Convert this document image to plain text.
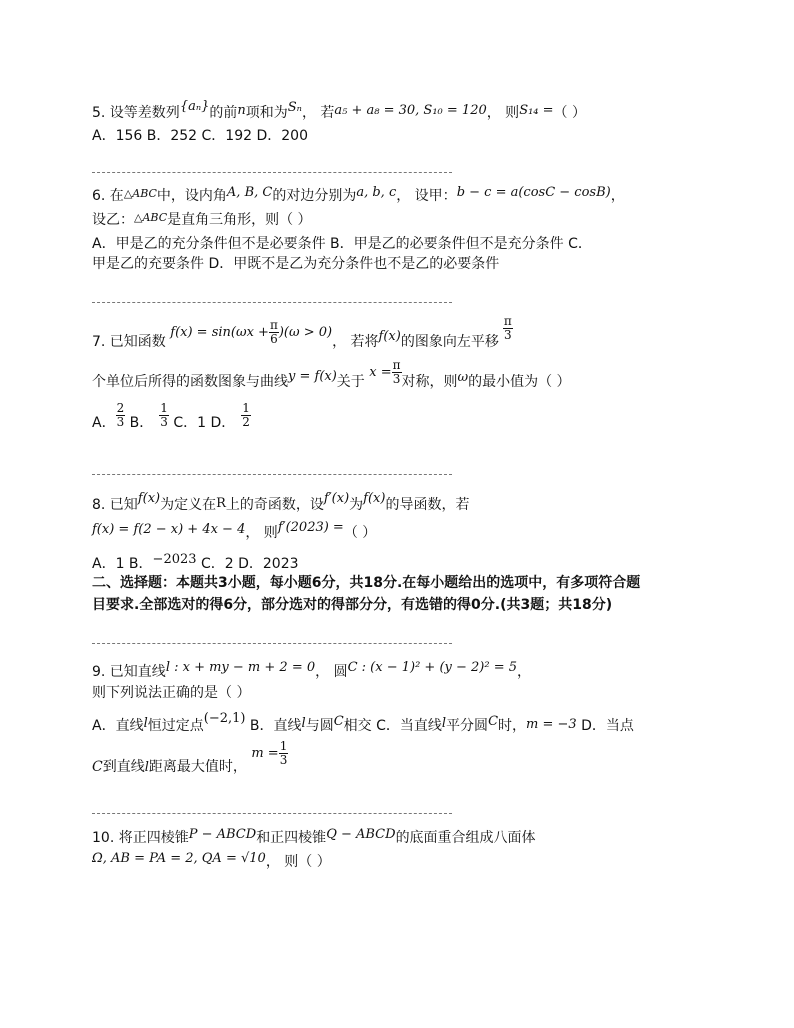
5. 设等差数列{aₙ}的前n项和为Sₙ， 若a₅ + a₈ = 30, S₁₀ = 120， 则S₁₄ =（ ）
A．156 B．252 C．192 D．200
6. 在$^{\triangle ABC}$中，设内角A, B, C的对边分别为a, b, c， 设甲：b − c = a(cosC − cosB)，
设乙：$^{\triangle ABC}$是直角三角形，则（ ）
A．甲是乙的充分条件但不是必要条件 B．甲是乙的必要条件但不是充分条件 C．
甲是乙的充要条件 D．甲既不是乙为充分条件也不是乙的必要条件
7. 已知函数 $f(x) = \sin(\omega x + \frac{\pi}{6} )(\omega > 0)$， 若将f(x)的图象向左平移
$\frac{\pi}{3}$
个单位后所得的函数图象与曲线y = f(x)关于 $x = \frac{\pi}{3}$ 对称，则ω的最小值为（ ）
A． $\frac{2}{3}$ B． $\frac{1}{3}$ C．1 D． $\frac{1}{2}$
8. 已知f(x)为定义在R上的奇函数，设f′(x)为f(x)的导函数，若
f(x) = f(2 − x) + 4x − 4， 则f′(2023) =（ ）
A．1 B．−2023 C．2 D．2023
二、选择题：本题共3小题，每小题6分，共18分.在每小题给出的选项中，有多项符合题
目要求.全部选对的得6分，部分选对的得部分分，有选错的得0分.(共3题；共18分)
9. 已知直线l : x + my − m + 2 = 0， 圆C : (x − 1)² + (y − 2)² = 5，
则下列说法正确的是（ ）
A．直线l恒过定点(−2,1) B．直线l与圆C相交 C．当直线l平分圆C时，m = −3 D．当点
C到直线l距离最大值时， $m = \frac{1}{3}$
10. 将正四棱锥P − ABCD和正四棱锥Q − ABCD的底面重合组成八面体
Ω, AB = PA = 2, QA = √10， 则（ ）
